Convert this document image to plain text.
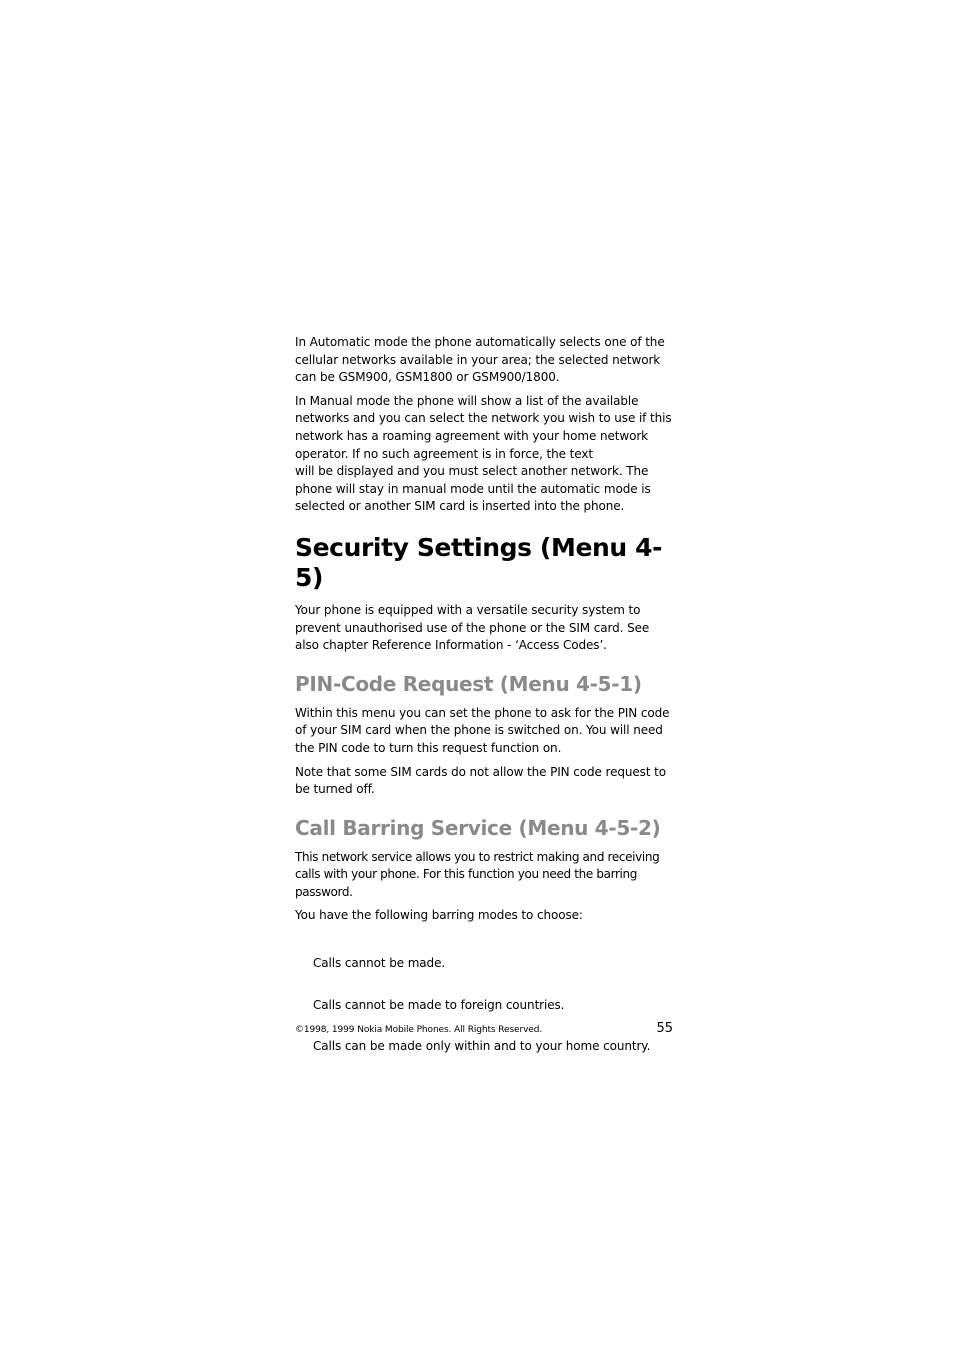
In Automatic mode the phone automatically selects one of the cellular networks available in your area; the selected network can be GSM900, GSM1800 or GSM900/1800.

In Manual mode the phone will show a list of the available networks and you can select the network you wish to use if this network has a roaming agreement with your home network operator. If no such agreement is in force, the textwill be displayed and you must select another network. The phone will stay in manual mode until the automatic mode is selected or another SIM card is inserted into the phone.

Security Settings (Menu 4-5)

Your phone is equipped with a versatile security system to prevent unauthorised use of the phone or the SIM card. See also chapter Reference Information - ‘Access Codes’.

PIN-Code Request (Menu 4-5-1)

Within this menu you can set the phone to ask for the PIN code of your SIM card when the phone is switched on. You will need the PIN code to turn this request function on.

Note that some SIM cards do not allow the PIN code request to be turned off.

Call Barring Service (Menu 4-5-2)

This network service allows you to restrict making and receiving calls with your phone. For this function you need the barring password.

You have the following barring modes to choose:

Calls cannot be made.
Calls cannot be made to foreign countries.
Calls can be made only within and to your home country.
©1998, 1999 Nokia Mobile Phones. All Rights Reserved.	55
